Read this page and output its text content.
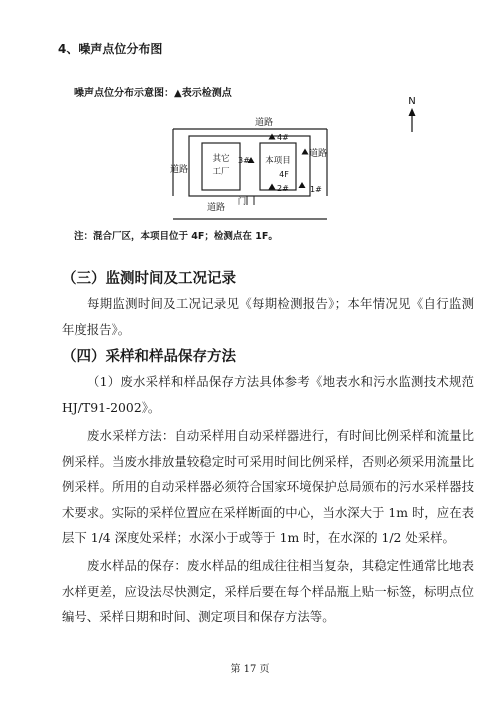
4、噪声点位分布图
噪声点位分布示意图：▲表示检测点
N
道路
道路
道路
道路
其它
工厂
本项目
4F
门
4#
3#
1#
2#
注：混合厂区，本项目位于 4F；检测点在 1F。
（三）监测时间及工况记录
每期监测时间及工况记录见《每期检测报告》；本年情况见《自行监测年度报告》。
（四）采样和样品保存方法
（1）废水采样和样品保存方法具体参考《地表水和污水监测技术规范 HJ/T91-2002》。
废水采样方法：自动采样用自动采样器进行，有时间比例采样和流量比例采样。当废水排放量较稳定时可采用时间比例采样，否则必须采用流量比例采样。所用的自动采样器必须符合国家环境保护总局颁布的污水采样器技术要求。实际的采样位置应在采样断面的中心，当水深大于 1m 时，应在表层下 1/4 深度处采样；水深小于或等于 1m 时，在水深的 1/2 处采样。
废水样品的保存：废水样品的组成往往相当复杂，其稳定性通常比地表水样更差，应设法尽快测定，采样后要在每个样品瓶上贴一标签，标明点位编号、采样日期和时间、测定项目和保存方法等。
第 17 页
